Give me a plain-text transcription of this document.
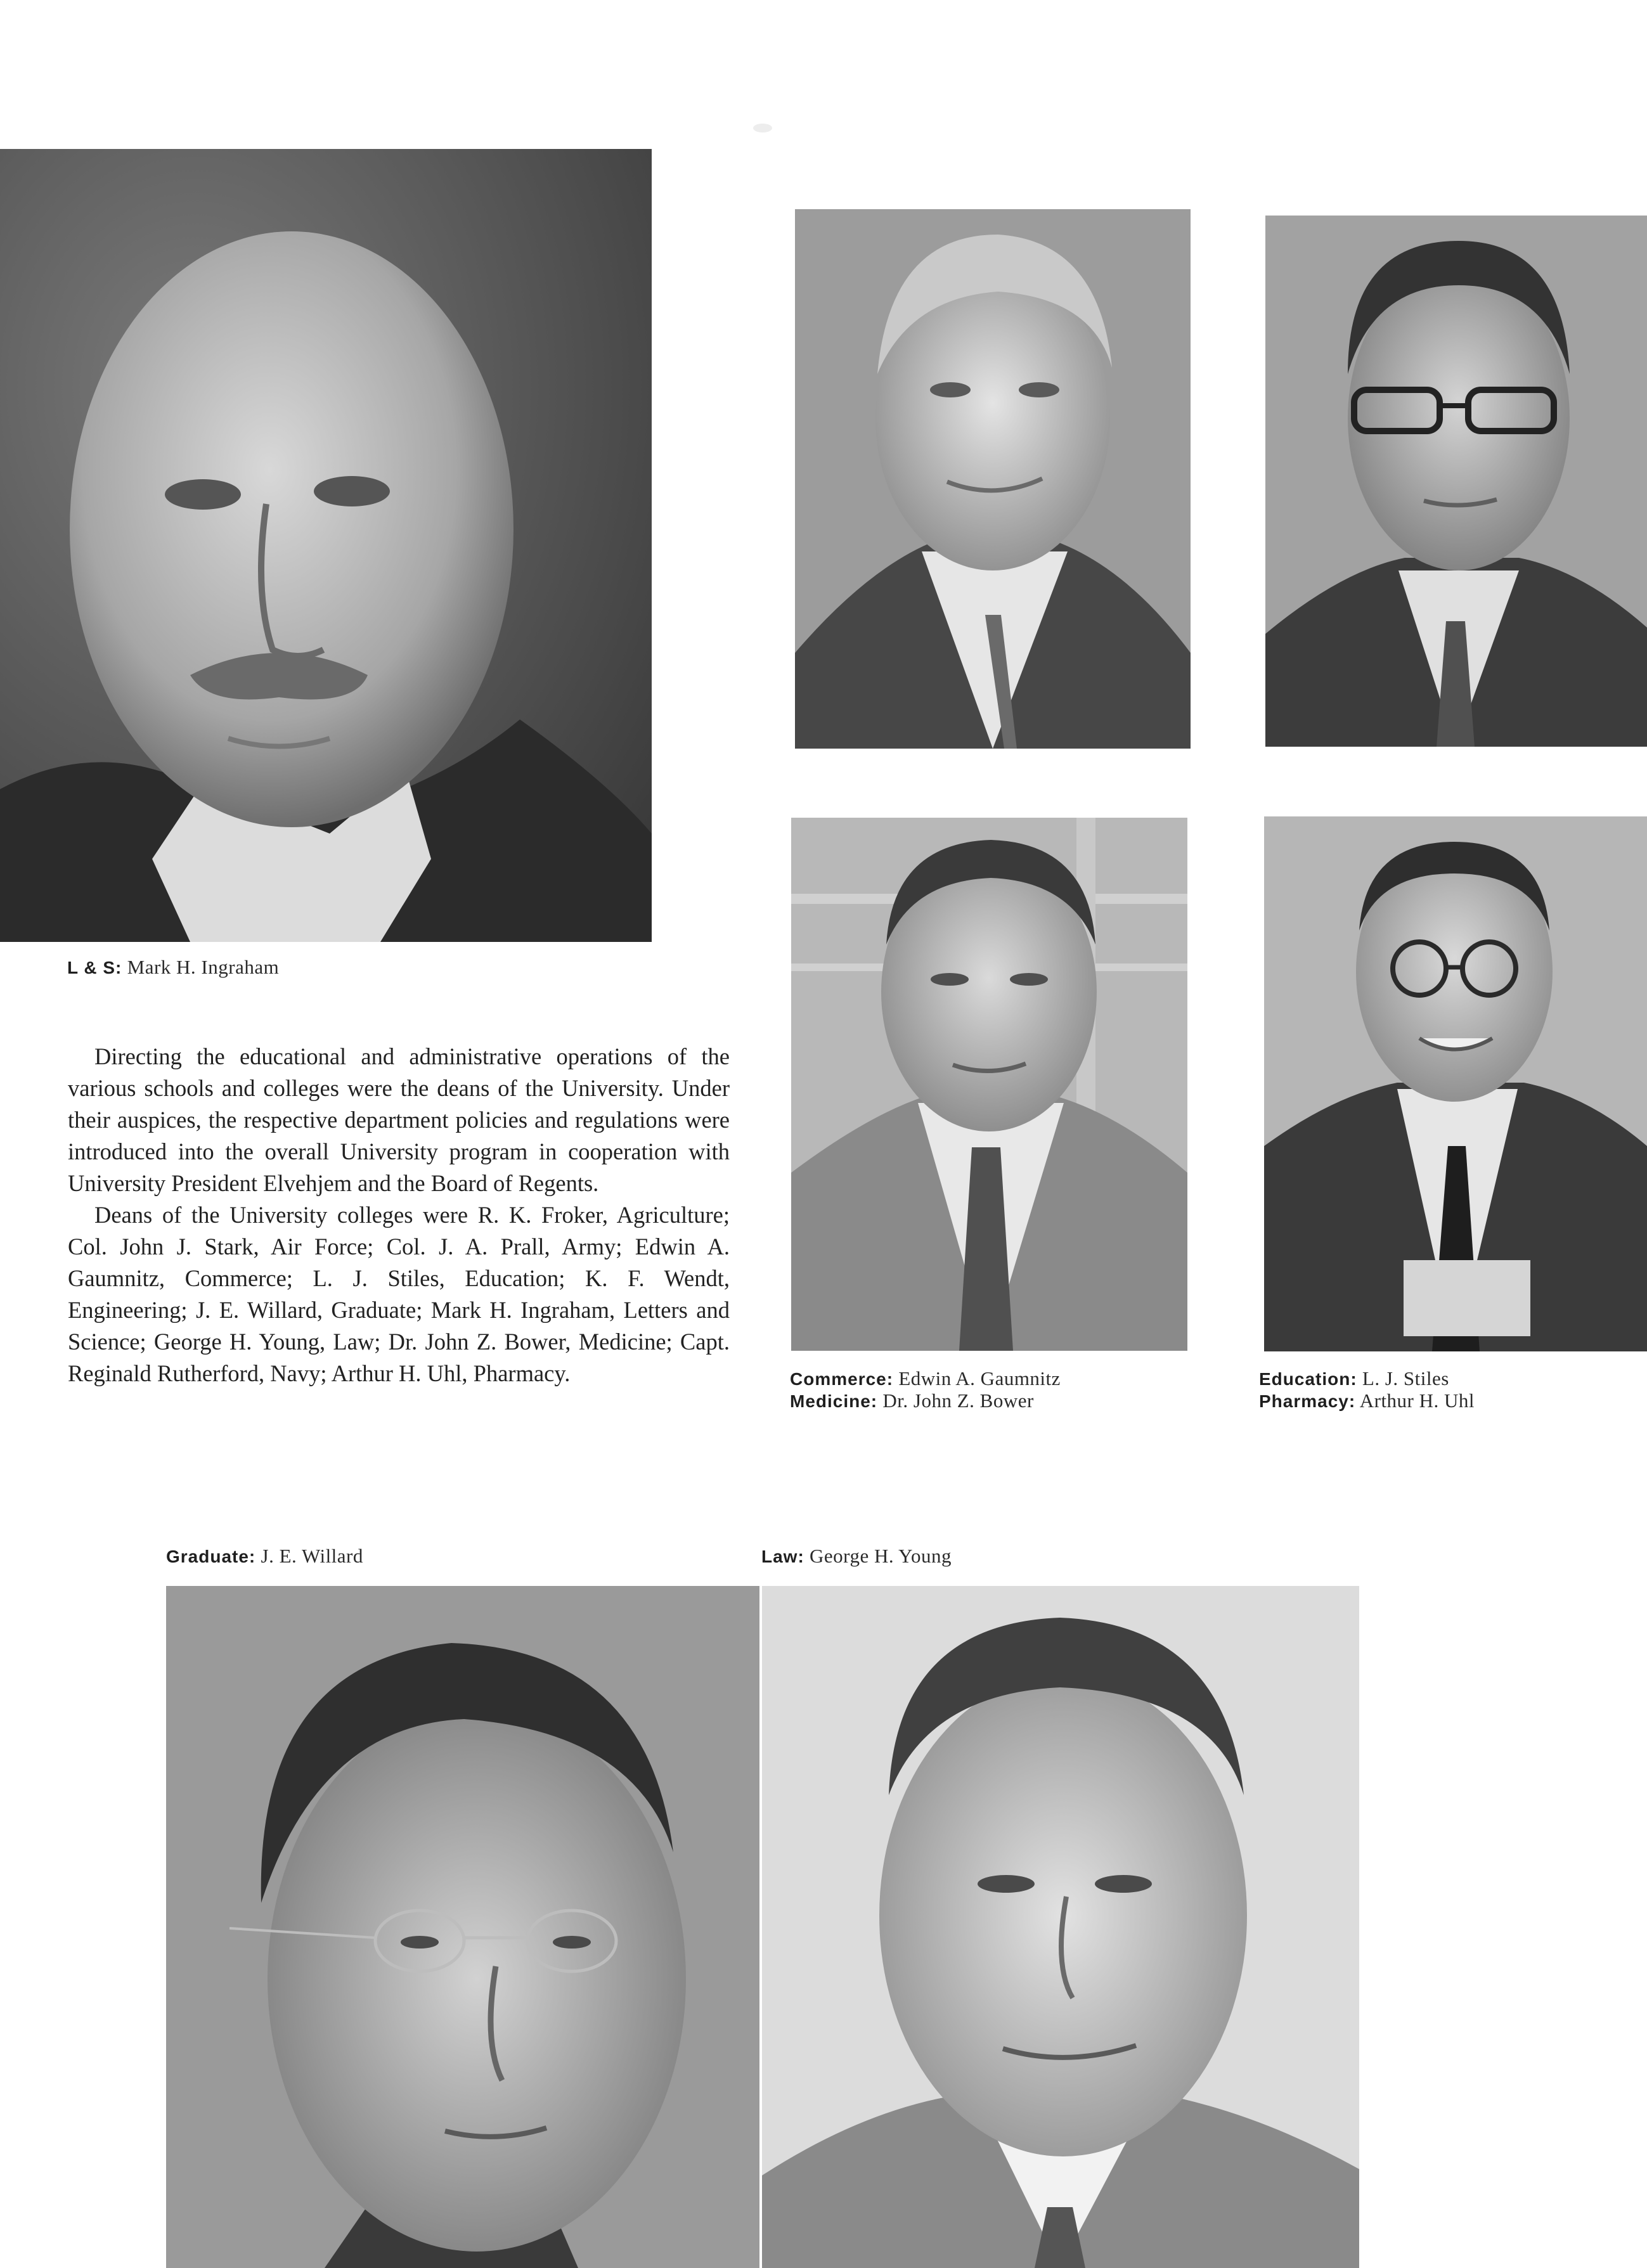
L & S: Mark H. Ingraham
Commerce: Edwin A. Gaumnitz
Medicine: Dr. John Z. Bower
Education: L. J. Stiles
Pharmacy: Arthur H. Uhl
Graduate: J. E. Willard	Law: George H. Young

Directing the educational and administrative operations of the various schools and colleges were the deans of the University. Under their auspices, the respective department policies and regulations were introduced into the overall University program in cooperation with University President Elvehjem and the Board of Regents.

Deans of the University colleges were R. K. Froker, Agriculture; Col. John J. Stark, Air Force; Col. J. A. Prall, Army; Edwin A. Gaumnitz, Commerce; L. J. Stiles, Education; K. F. Wendt, Engineering; J. E. Willard, Graduate; Mark H. Ingraham, Letters and Science; George H. Young, Law; Dr. John Z. Bower, Medicine; Capt. Reginald Rutherford, Navy; Arthur H. Uhl, Pharmacy.
